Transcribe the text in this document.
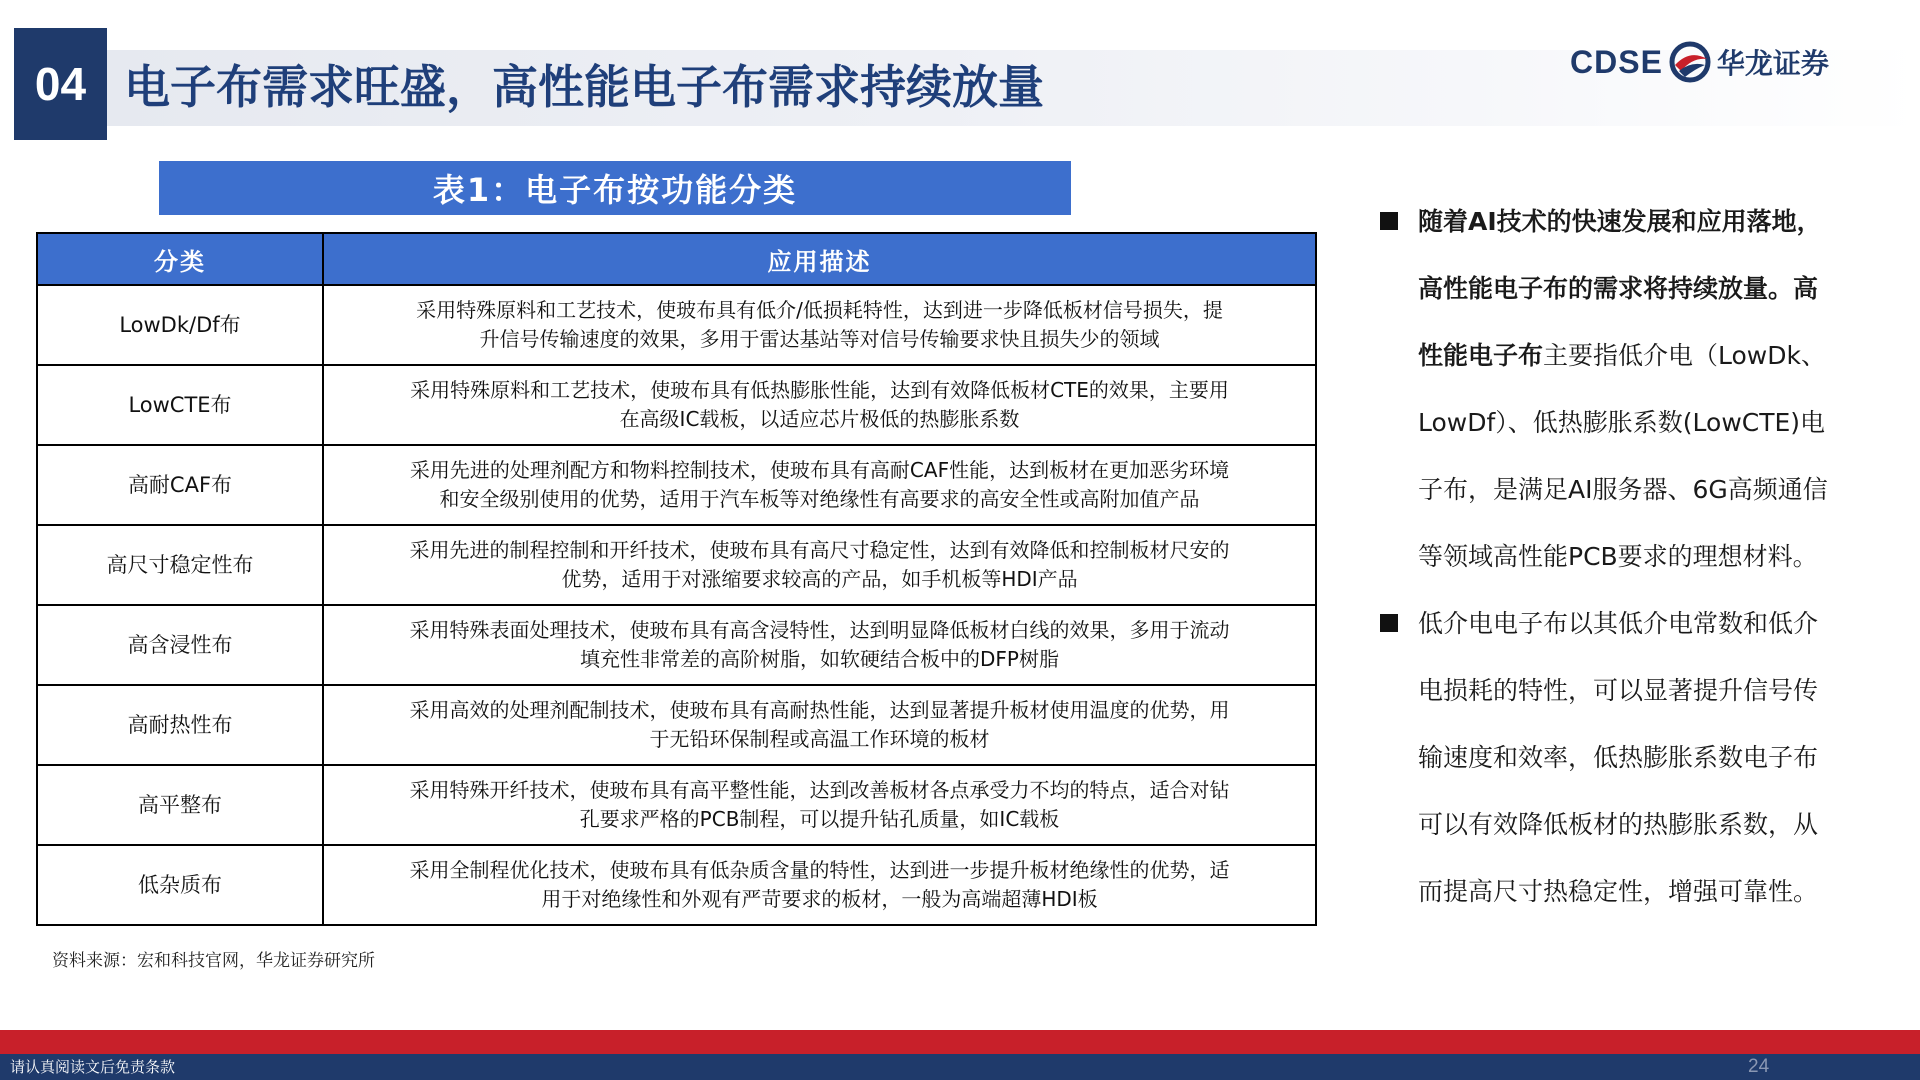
04 电子布需求旺盛，高性能电子布需求持续放量	CDSE 华龙证券
表1：电子布按功能分类
分类	应用描述
LowDk/Df布	采用特殊原料和工艺技术，使玻布具有低介/低损耗特性，达到进一步降低板材信号损失，提
升信号传输速度的效果，多用于雷达基站等对信号传输要求快且损失少的领域
LowCTE布	采用特殊原料和工艺技术，使玻布具有低热膨胀性能，达到有效降低板材CTE的效果，主要用
在高级IC载板，以适应芯片极低的热膨胀系数
高耐CAF布	采用先进的处理剂配方和物料控制技术，使玻布具有高耐CAF性能，达到板材在更加恶劣环境
和安全级别使用的优势，适用于汽车板等对绝缘性有高要求的高安全性或高附加值产品
高尺寸稳定性布	采用先进的制程控制和开纤技术，使玻布具有高尺寸稳定性，达到有效降低和控制板材尺安的
优势，适用于对涨缩要求较高的产品，如手机板等HDI产品
高含浸性布	采用特殊表面处理技术，使玻布具有高含浸特性，达到明显降低板材白线的效果，多用于流动
填充性非常差的高阶树脂，如软硬结合板中的DFP树脂
高耐热性布	采用高效的处理剂配制技术，使玻布具有高耐热性能，达到显著提升板材使用温度的优势，用
于无铅环保制程或高温工作环境的板材
高平整布	采用特殊开纤技术，使玻布具有高平整性能，达到改善板材各点承受力不均的特点，适合对钻
孔要求严格的PCB制程，可以提升钻孔质量，如IC载板
低杂质布	采用全制程优化技术，使玻布具有低杂质含量的特性，达到进一步提升板材绝缘性的优势，适
用于对绝缘性和外观有严苛要求的板材，一般为高端超薄HDI板
资料来源：宏和科技官网，华龙证券研究所
随着AI技术的快速发展和应用落地，
高性能电子布的需求将持续放量。高
性能电子布主要指低介电（LowDk、
LowDf）、低热膨胀系数(LowCTE)电
子布，是满足AI服务器、6G高频通信
等领域高性能PCB要求的理想材料。
低介电电子布以其低介电常数和低介
电损耗的特性，可以显著提升信号传
输速度和效率，低热膨胀系数电子布
可以有效降低板材的热膨胀系数，从
而提高尺寸热稳定性，增强可靠性。
请认真阅读文后免责条款	24
